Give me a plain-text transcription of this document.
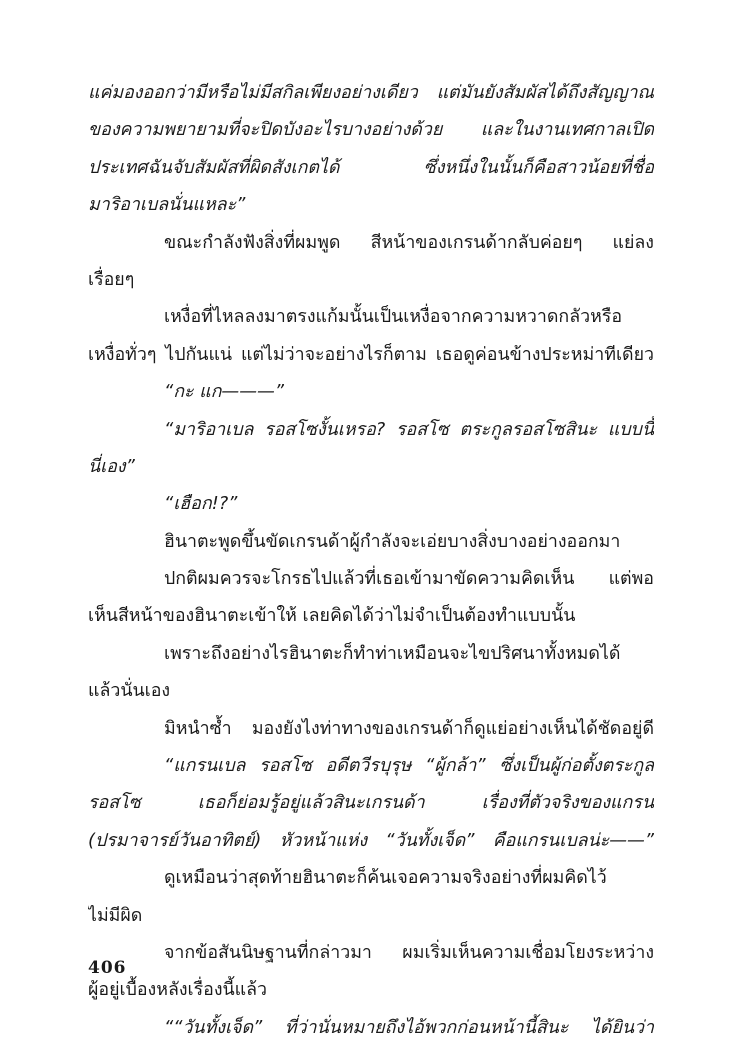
แค่มองออกว่ามีหรือไม่มีสกิลเพียงอย่างเดียว แต่มันยังสัมผัสได้ถึงสัญญาณ
ของความพยายามที่จะปิดบังอะไรบางอย่างด้วย และในงานเทศกาลเปิด
ประเทศฉันจับสัมผัสที่ผิดสังเกตได้ ซึ่งหนึ่งในนั้นก็คือสาวน้อยที่ชื่อ
มาริอาเบลนั่นแหละ”
ขณะกำลังฟังสิ่งที่ผมพูด สีหน้าของเกรนด้ากลับค่อยๆ แย่ลง
เรื่อยๆ
เหงื่อที่ไหลลงมาตรงแก้มนั้นเป็นเหงื่อจากความหวาดกลัวหรือ
เหงื่อทั่วๆ ไปกันแน่ แต่ไม่ว่าจะอย่างไรก็ตาม เธอดูค่อนข้างประหม่าทีเดียว
“กะ แก———”
“มาริอาเบล รอสโซงั้นเหรอ? รอสโซ ตระกูลรอสโซสินะ แบบนี้
นี่เอง”
“เฮือก!?”
ฮินาตะพูดขึ้นขัดเกรนด้าผู้กำลังจะเอ่ยบางสิ่งบางอย่างออกมา
ปกติผมควรจะโกรธไปแล้วที่เธอเข้ามาขัดความคิดเห็น แต่พอ
เห็นสีหน้าของฮินาตะเข้าให้ เลยคิดได้ว่าไม่จำเป็นต้องทำแบบนั้น
เพราะถึงอย่างไรฮินาตะก็ทำท่าเหมือนจะไขปริศนาทั้งหมดได้
แล้วนั่นเอง
มิหนำซ้ำ มองยังไงท่าทางของเกรนด้าก็ดูแย่อย่างเห็นได้ชัดอยู่ดี
“แกรนเบล รอสโซ อดีตวีรบุรุษ “ผู้กล้า” ซึ่งเป็นผู้ก่อตั้งตระกูล
รอสโซ เธอก็ย่อมรู้อยู่แล้วสินะเกรนด้า เรื่องที่ตัวจริงของแกรน
(ปรมาจารย์วันอาทิตย์) หัวหน้าแห่ง “วันทั้งเจ็ด” คือแกรนเบลน่ะ——”
ดูเหมือนว่าสุดท้ายฮินาตะก็ค้นเจอความจริงอย่างที่ผมคิดไว้
ไม่มีผิด
จากข้อสันนิษฐานที่กล่าวมา ผมเริ่มเห็นความเชื่อมโยงระหว่าง
ผู้อยู่เบื้องหลังเรื่องนี้แล้ว
““วันทั้งเจ็ด” ที่ว่านั่นหมายถึงไอ้พวกก่อนหน้านี้สินะ ได้ยินว่า
406
